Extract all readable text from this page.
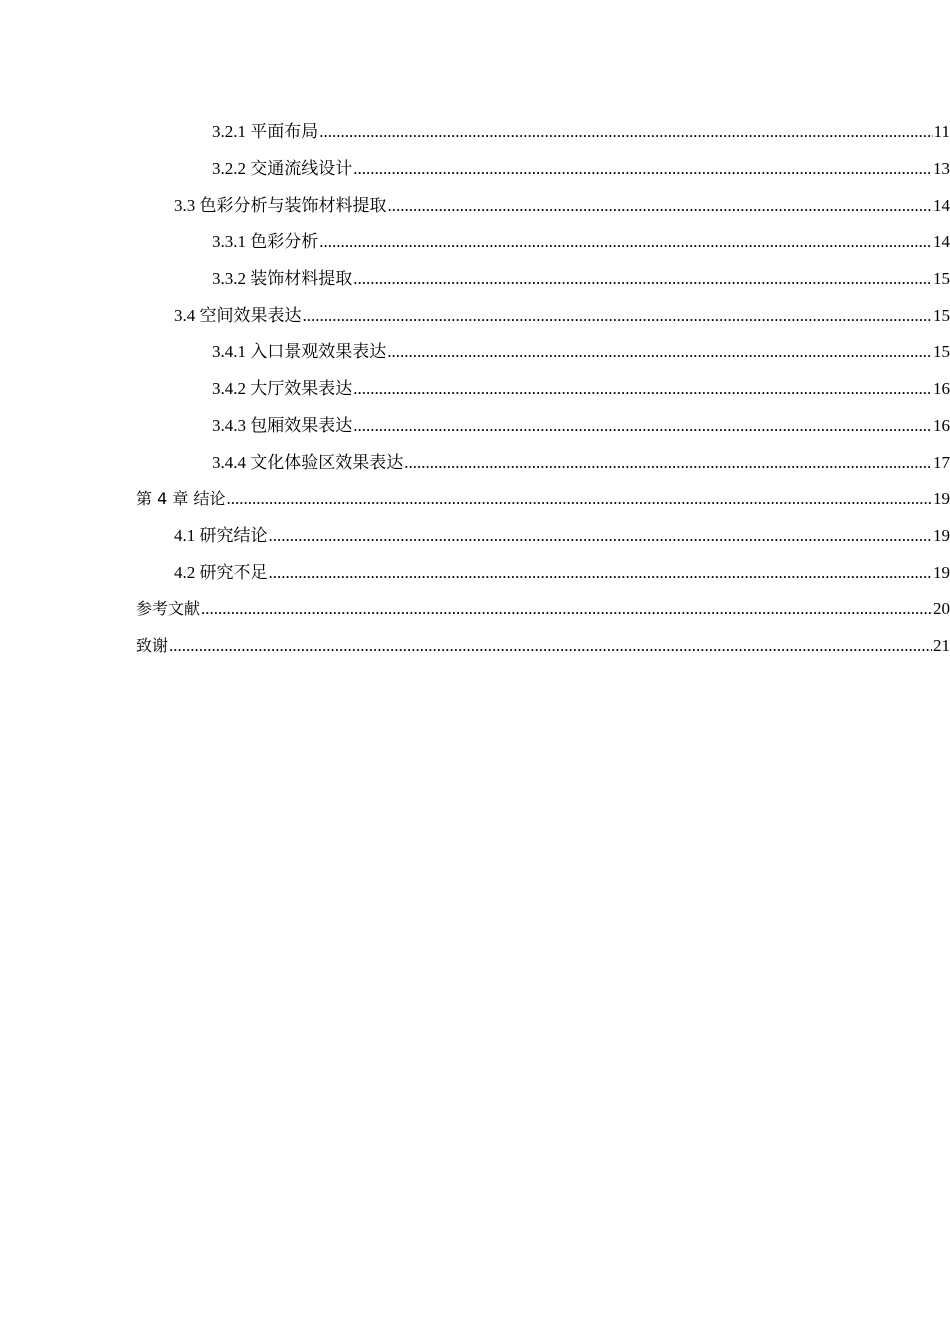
3.2.1 平面布局 .....	11
3.2.2 交通流线设计 .....	13
3.3 色彩分析与装饰材料提取 .....	14
3.3.1 色彩分析 .....	14
3.3.2 装饰材料提取 .....	15
3.4 空间效果表达 .....	15
3.4.1 入口景观效果表达 .....	15
3.4.2 大厅效果表达 .....	16
3.4.3 包厢效果表达 .....	16
3.4.4 文化体验区效果表达 .....	17
第 4 章 结论 .....	19
4.1 研究结论 .....	19
4.2 研究不足 .....	19
参考文献 .....	20
致谢 .....	21
